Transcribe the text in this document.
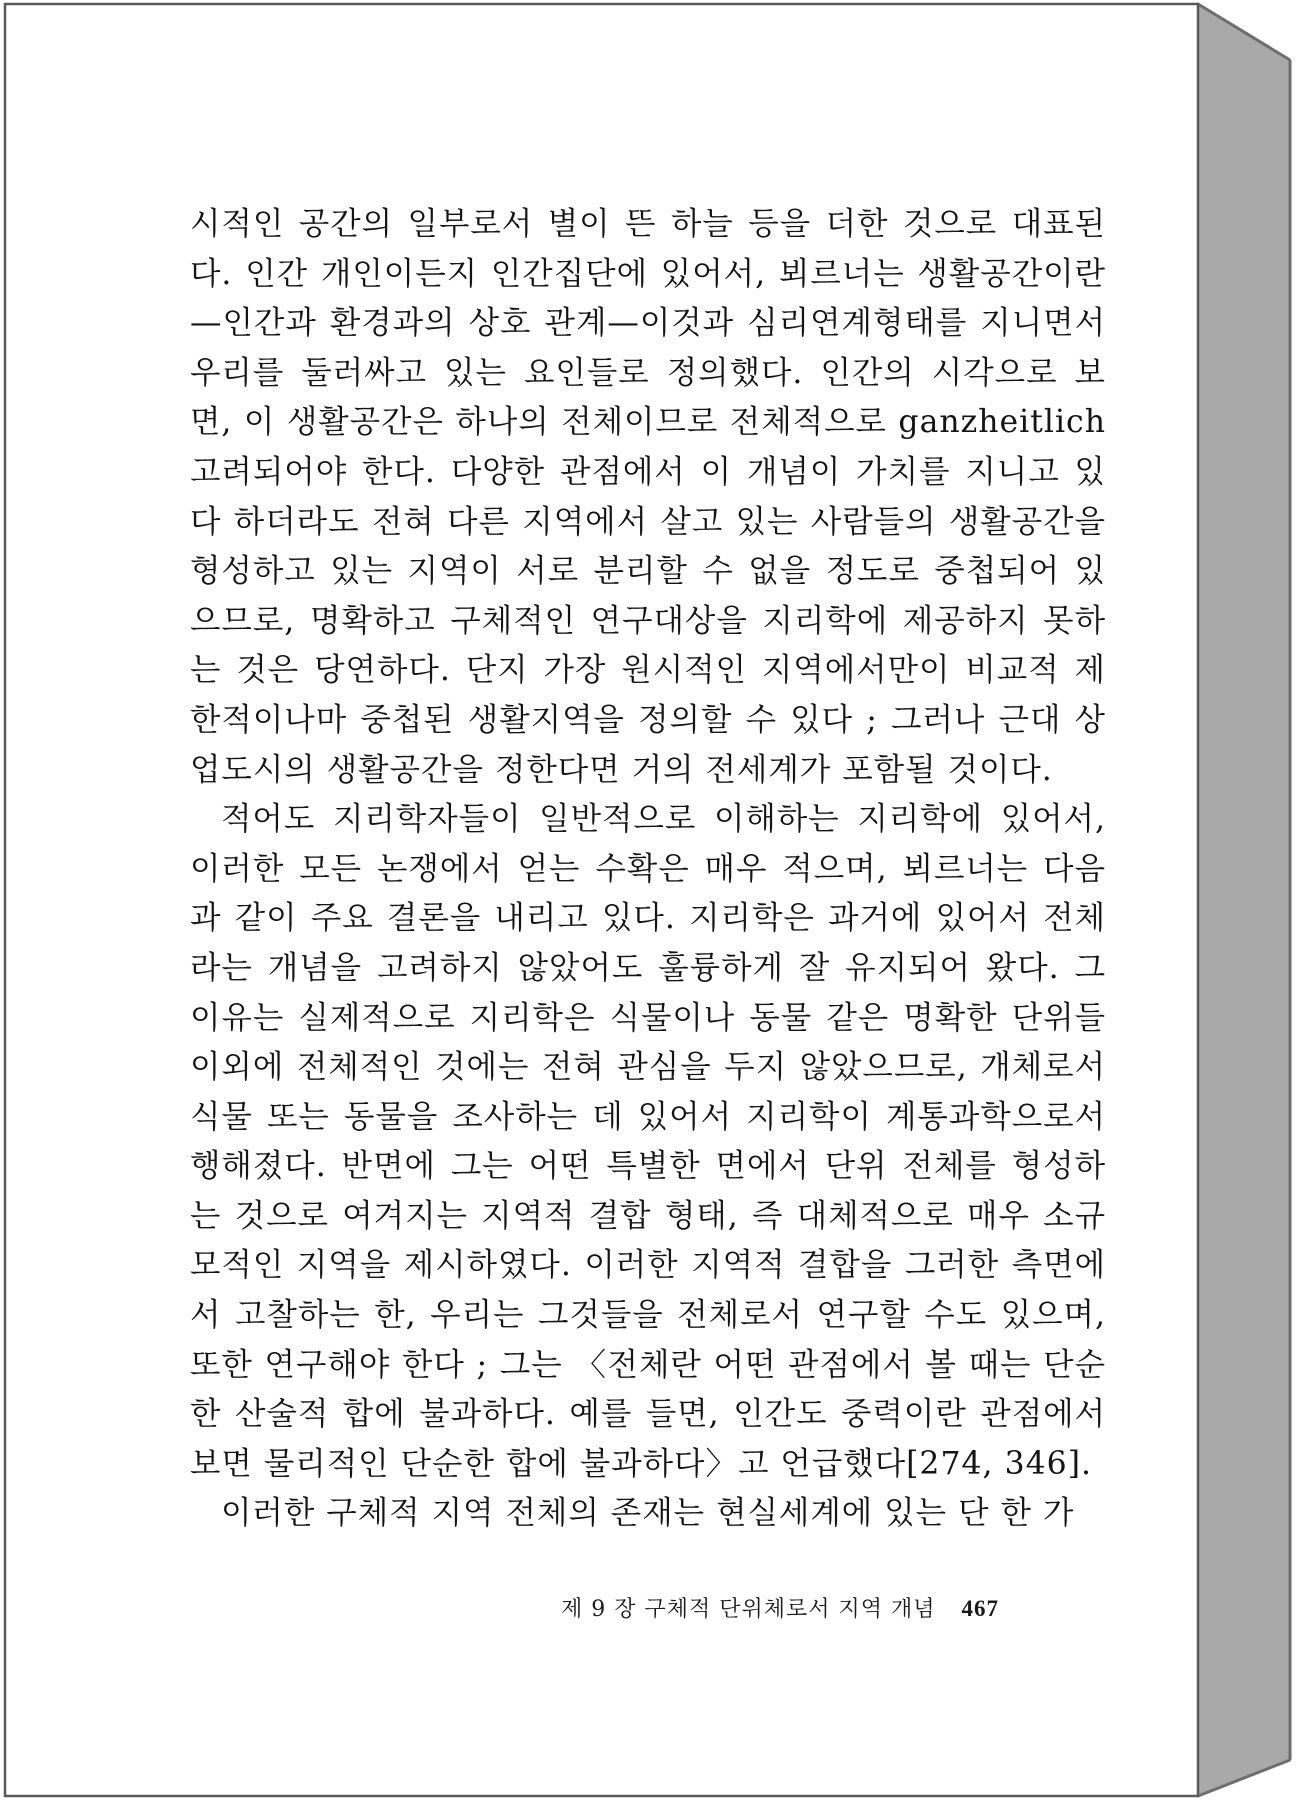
시적인 공간의 일부로서 별이 뜬 하늘 등을 더한 것으로 대표된다. 인간 개인이든지 인간집단에 있어서, 뵈르너는 생활공간이란 —인간과 환경과의 상호 관계—이것과 심리연계형태를 지니면서 우리를 둘러싸고 있는 요인들로 정의했다. 인간의 시각으로 보면, 이 생활공간은 하나의 전체이므로 전체적으로 ganzheitlich 고려되어야 한다. 다양한 관점에서 이 개념이 가치를 지니고 있다 하더라도 전혀 다른 지역에서 살고 있는 사람들의 생활공간을 형성하고 있는 지역이 서로 분리할 수 없을 정도로 중첩되어 있으므로, 명확하고 구체적인 연구대상을 지리학에 제공하지 못하는 것은 당연하다. 단지 가장 원시적인 지역에서만이 비교적 제한적이나마 중첩된 생활지역을 정의할 수 있다 ; 그러나 근대 상업도시의 생활공간을 정한다면 거의 전세계가 포함될 것이다.

적어도 지리학자들이 일반적으로 이해하는 지리학에 있어서, 이러한 모든 논쟁에서 얻는 수확은 매우 적으며, 뵈르너는 다음과 같이 주요 결론을 내리고 있다. 지리학은 과거에 있어서 전체라는 개념을 고려하지 않았어도 훌륭하게 잘 유지되어 왔다. 그 이유는 실제적으로 지리학은 식물이나 동물 같은 명확한 단위들 이외에 전체적인 것에는 전혀 관심을 두지 않았으므로, 개체로서 식물 또는 동물을 조사하는 데 있어서 지리학이 계통과학으로서 행해졌다. 반면에 그는 어떤 특별한 면에서 단위 전체를 형성하는 것으로 여겨지는 지역적 결합 형태, 즉 대체적으로 매우 소규모적인 지역을 제시하였다. 이러한 지역적 결합을 그러한 측면에서 고찰하는 한, 우리는 그것들을 전체로서 연구할 수도 있으며, 또한 연구해야 한다 ; 그는 〈전체란 어떤 관점에서 볼 때는 단순한 산술적 합에 불과하다. 예를 들면, 인간도 중력이란 관점에서 보면 물리적인 단순한 합에 불과하다〉고 언급했다[274, 346].

이러한 구체적 지역 전체의 존재는 현실세계에 있는 단 한 가

제 9 장 구체적 단위체로서 지역 개념 467
